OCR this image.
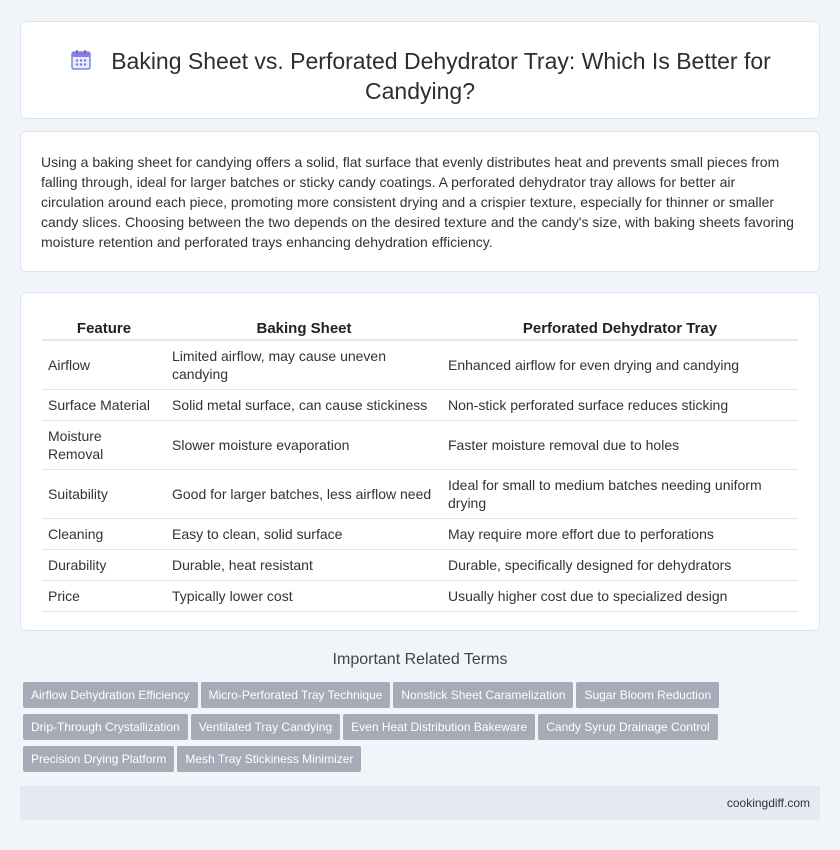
Baking Sheet vs. Perforated Dehydrator Tray: Which Is Better for Candying?

Using a baking sheet for candying offers a solid, flat surface that evenly distributes heat and prevents small pieces from falling through, ideal for larger batches or sticky candy coatings. A perforated dehydrator tray allows for better air circulation around each piece, promoting more consistent drying and a crispier texture, especially for thinner or smaller candy slices. Choosing between the two depends on the desired texture and the candy's size, with baking sheets favoring moisture retention and perforated trays enhancing dehydration efficiency.

Feature	Baking Sheet	Perforated Dehydrator Tray
Airflow	Limited airflow, may cause uneven candying	Enhanced airflow for even drying and candying
Surface Material	Solid metal surface, can cause stickiness	Non-stick perforated surface reduces sticking
Moisture Removal	Slower moisture evaporation	Faster moisture removal due to holes
Suitability	Good for larger batches, less airflow need	Ideal for small to medium batches needing uniform drying
Cleaning	Easy to clean, solid surface	May require more effort due to perforations
Durability	Durable, heat resistant	Durable, specifically designed for dehydrators
Price	Typically lower cost	Usually higher cost due to specialized design
Important Related Terms
Airflow Dehydration Efficiency Micro-Perforated Tray Technique Nonstick Sheet Caramelization Sugar Bloom Reduction
Drip-Through Crystallization Ventilated Tray Candying Even Heat Distribution Bakeware Candy Syrup Drainage Control
Precision Drying Platform Mesh Tray Stickiness Minimizer
cookingdiff.com
